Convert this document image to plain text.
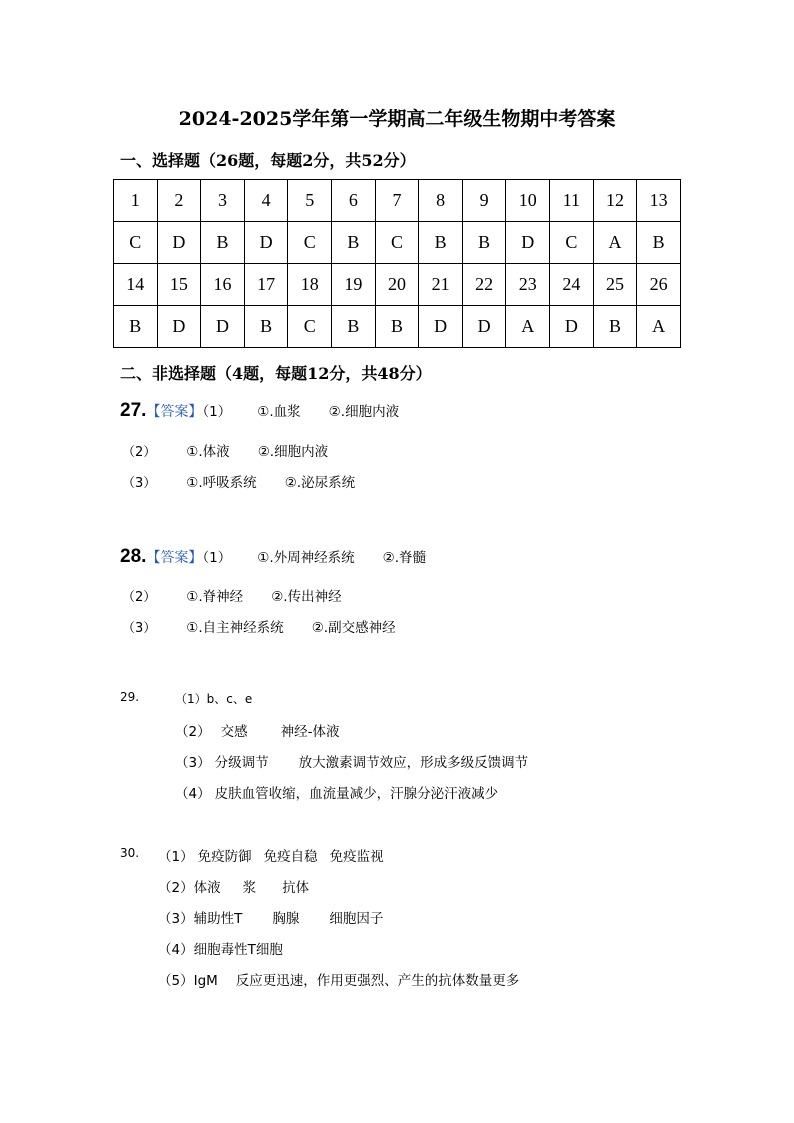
2024-2025学年第一学期高二年级生物期中考答案
一、选择题（26题，每题2分，共52分）
1	2	3	4	5	6	7	8	9	10	11	12	13
C	D	B	D	C	B	C	B	B	D	C	A	B
14	15	16	17	18	19	20	21	22	23	24	25	26
B	D	D	B	C	B	B	D	D	A	D	B	A
二、非选择题（4题，每题12分，共48分）
27.【答案】（1） ①.血浆 ②.细胞内液
（2） ①.体液 ②.细胞内液
（3） ①.呼吸系统 ②.泌尿系统
28.【答案】（1） ①.外周神经系统 ②.脊髓
（2） ①.脊神经 ②.传出神经
（3） ①.自主神经系统 ②.副交感神经
29.	（1）b、c、e
（2） 交感 神经-体液
（3） 分级调节 放大激素调节效应，形成多级反馈调节
（4） 皮肤血管收缩，血流量减少，汗腺分泌汗液减少
30. （1） 免疫防御 免疫自稳 免疫监视
（2）体液 浆 抗体
（3）辅助性T 胸腺 细胞因子
（4）细胞毒性T细胞
（5）IgM 反应更迅速，作用更强烈、产生的抗体数量更多
